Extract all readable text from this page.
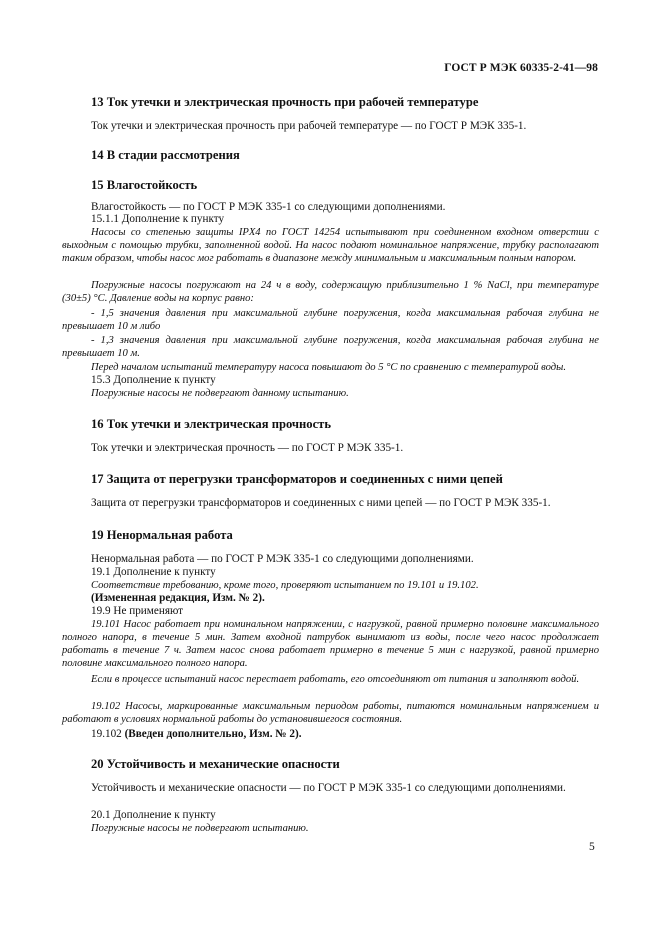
ГОСТ Р МЭК 60335-2-41—98
13 Ток утечки и электрическая прочность при рабочей температуре
Ток утечки и электрическая прочность при рабочей температуре — по ГОСТ Р МЭК 335-1.
14 В стадии рассмотрения
15 Влагостойкость
Влагостойкость — по ГОСТ Р МЭК 335-1 со следующими дополнениями.
15.1.1 Дополнение к пункту
Насосы со степенью защиты IPX4 по ГОСТ 14254 испытывают при соединенном входном отверстии с выходным с помощью трубки, заполненной водой. На насос подают номинальное напряжение, трубку располагают таким образом, чтобы насос мог работать в диапазоне между минимальным и максимальным полным напором.
Погружные насосы погружают на 24 ч в воду, содержащую приблизительно 1 % NaCl, при температуре (30±5) °С. Давление воды на корпус равно:
- 1,5 значения давления при максимальной глубине погружения, когда максимальная рабочая глубина не превышает 10 м либо
- 1,3 значения давления при максимальной глубине погружения, когда максимальная рабочая глубина не превышает 10 м.
Перед началом испытаний температуру насоса повышают до 5 °С по сравнению с температурой воды.
15.3 Дополнение к пункту
Погружные насосы не подвергают данному испытанию.
16 Ток утечки и электрическая прочность
Ток утечки и электрическая прочность — по ГОСТ Р МЭК 335-1.
17 Защита от перегрузки трансформаторов и соединенных с ними цепей
Защита от перегрузки трансформаторов и соединенных с ними цепей — по ГОСТ Р МЭК 335-1.
19 Ненормальная работа
Ненормальная работа — по ГОСТ Р МЭК 335-1 со следующими дополнениями.
19.1 Дополнение к пункту
Соответствие требованию, кроме того, проверяют испытанием по 19.101 и 19.102.
(Измененная редакция, Изм. № 2).
19.9 Не применяют
19.101 Насос работает при номинальном напряжении, с нагрузкой, равной примерно половине максимального полного напора, в течение 5 мин. Затем входной патрубок вынимают из воды, после чего насос продолжает работать в течение 7 ч. Затем насос снова работает примерно в течение 5 мин с нагрузкой, равной примерно половине максимального полного напора.
Если в процессе испытаний насос перестает работать, его отсоединяют от питания и заполняют водой.
19.102 Насосы, маркированные максимальным периодом работы, питаются номинальным напряжением и работают в условиях нормальной работы до установившегося состояния.
19.102 (Введен дополнительно, Изм. № 2).
20 Устойчивость и механические опасности
Устойчивость и механические опасности — по ГОСТ Р МЭК 335-1 со следующими дополнениями.
20.1 Дополнение к пункту
Погружные насосы не подвергают испытанию.
5
